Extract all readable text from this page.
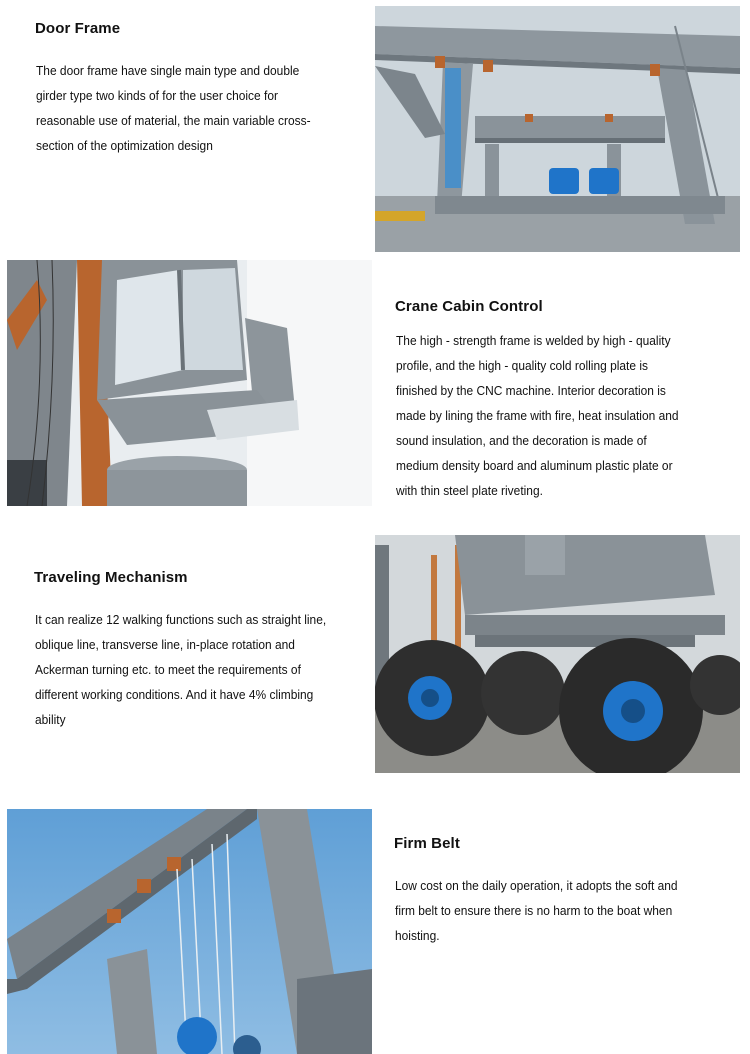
Door Frame

The door frame have single main type and double girder type two kinds of for the user choice for reasonable use of material, the main variable cross-section of the optimization design

Crane Cabin Control

The high - strength frame is welded by high - quality profile, and the high - quality cold rolling plate is finished by the CNC machine. Interior decoration is made by lining the frame with fire, heat insulation and sound insulation, and the decoration is made of medium density board and aluminum plastic plate or with thin steel plate riveting.

Traveling Mechanism

It can realize 12 walking functions such as straight line, oblique line, transverse line, in-place rotation and Ackerman turning etc. to meet the requirements of different working conditions. And it have 4% climbing ability

Firm Belt

Low cost on the daily operation, it adopts the soft and firm belt to ensure there is no harm to the boat when hoisting.
